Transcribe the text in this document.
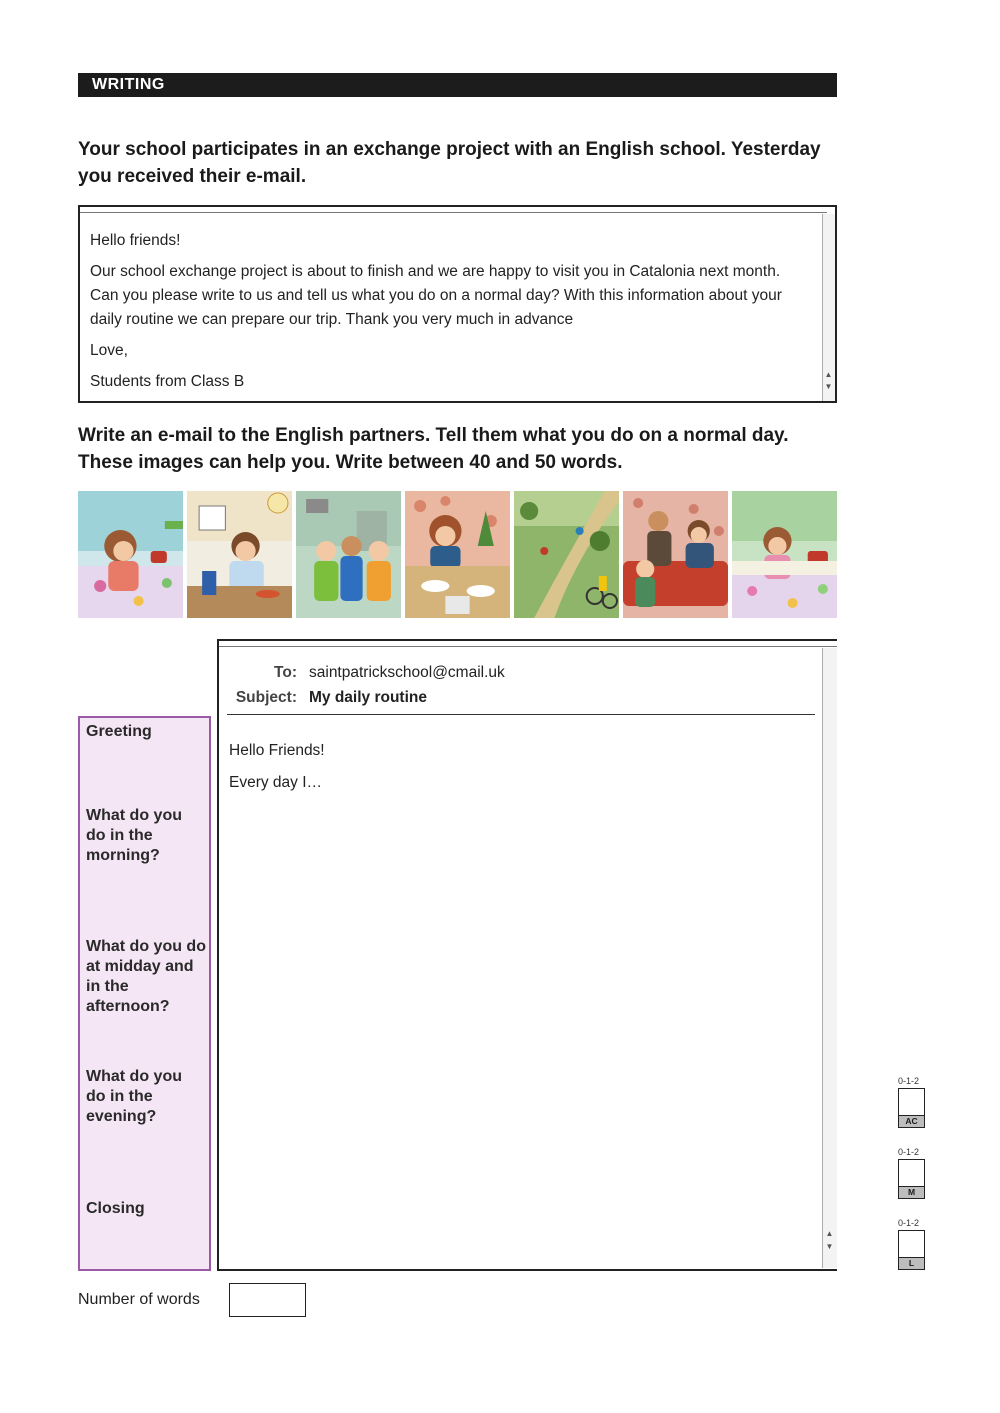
WRITING
Your school participates in an exchange project with an English school. Yesterday you received their e-mail.
▲
▼

Hello friends!

Our school exchange project is about to finish and we are happy to visit you in Catalonia next month. Can you please write to us and tell us what you do on a normal day? With this information about your daily routine we can prepare our trip. Thank you very much in advance

Love,

Students from Class B

Write an e-mail to the English partners. Tell them what you do on a normal day. These images can help you. Write between 40 and 50 words.
Greeting
What do you do in the morning?
What do you do at midday and in the afternoon?
What do you do in the evening?
Closing
▲
▼
To: saintpatrickschool@cmail.uk
Subject: My daily routine
Hello Friends!
Every day I…
Number of words
0-1-2
AC
0-1-2
M
0-1-2
L
